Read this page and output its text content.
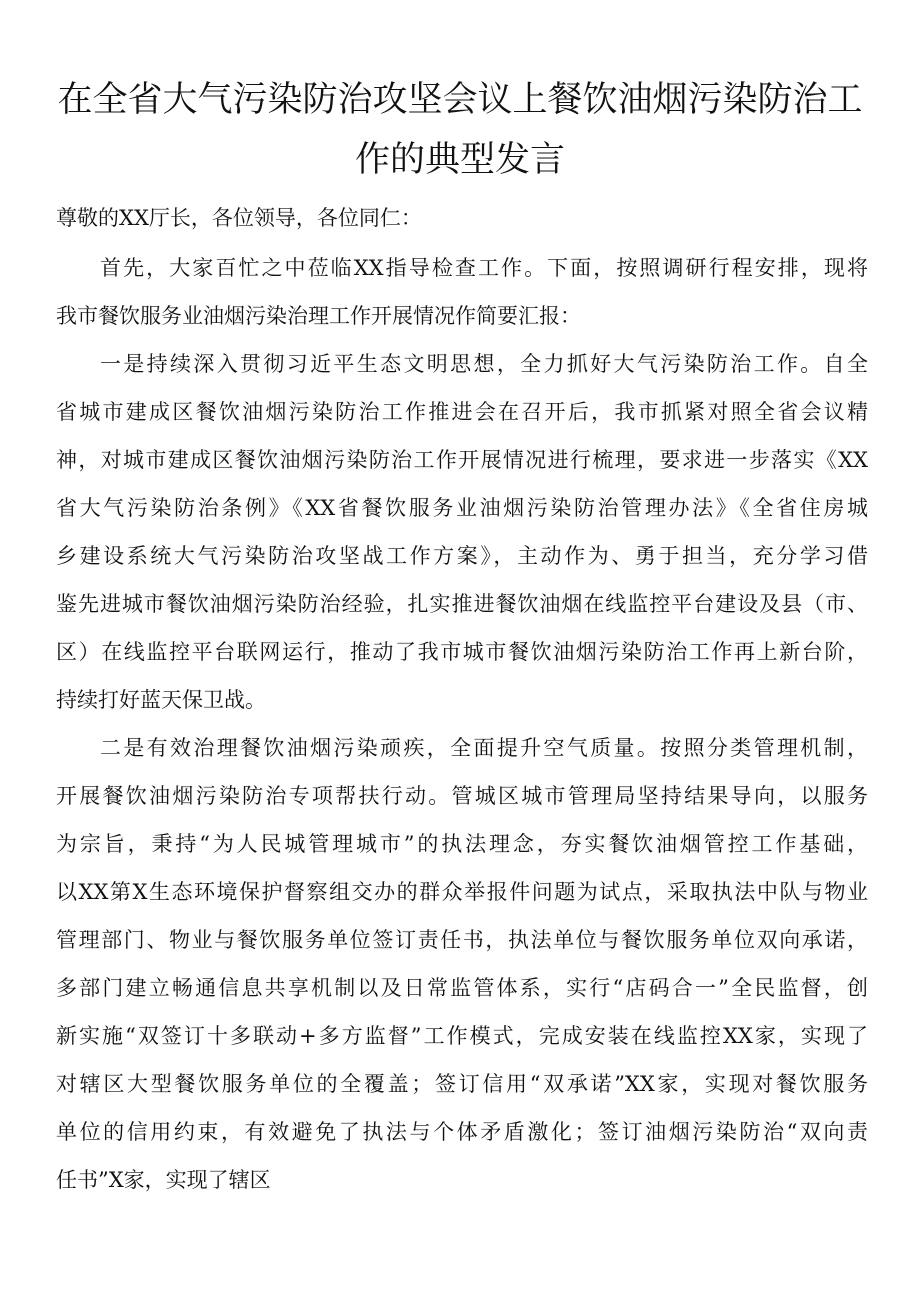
在全省大气污染防治攻坚会议上餐饮油烟污染防治工
作的典型发言
尊敬的XX厅长，各位领导，各位同仁：
首先，大家百忙之中莅临XX指导检查工作。下面，按照调研行程安排，现将
我市餐饮服务业油烟污染治理工作开展情况作简要汇报：
一是持续深入贯彻习近平生态文明思想，全力抓好大气污染防治工作。自全
省城市建成区餐饮油烟污染防治工作推进会在召开后，我市抓紧对照全省会议精
神，对城市建成区餐饮油烟污染防治工作开展情况进行梳理，要求进一步落实《XX
省大气污染防治条例》《XX省餐饮服务业油烟污染防治管理办法》《全省住房城
乡建设系统大气污染防治攻坚战工作方案》，主动作为、勇于担当，充分学习借
鉴先进城市餐饮油烟污染防治经验，扎实推进餐饮油烟在线监控平台建设及县（市、
区）在线监控平台联网运行，推动了我市城市餐饮油烟污染防治工作再上新台阶，
持续打好蓝天保卫战。
二是有效治理餐饮油烟污染顽疾，全面提升空气质量。按照分类管理机制，
开展餐饮油烟污染防治专项帮扶行动。管城区城市管理局坚持结果导向，以服务
为宗旨，秉持“为人民城管理城市”的执法理念，夯实餐饮油烟管控工作基础，
以XX第X生态环境保护督察组交办的群众举报件问题为试点，采取执法中队与物业
管理部门、物业与餐饮服务单位签订责任书，执法单位与餐饮服务单位双向承诺，
多部门建立畅通信息共享机制以及日常监管体系，实行“店码合一”全民监督，创
新实施“双签订十多联动+多方监督”工作模式，完成安装在线监控XX家，实现了
对辖区大型餐饮服务单位的全覆盖；签订信用“双承诺”XX家，实现对餐饮服务
单位的信用约束，有效避免了执法与个体矛盾激化；签订油烟污染防治“双向责
任书”X家，实现了辖区
